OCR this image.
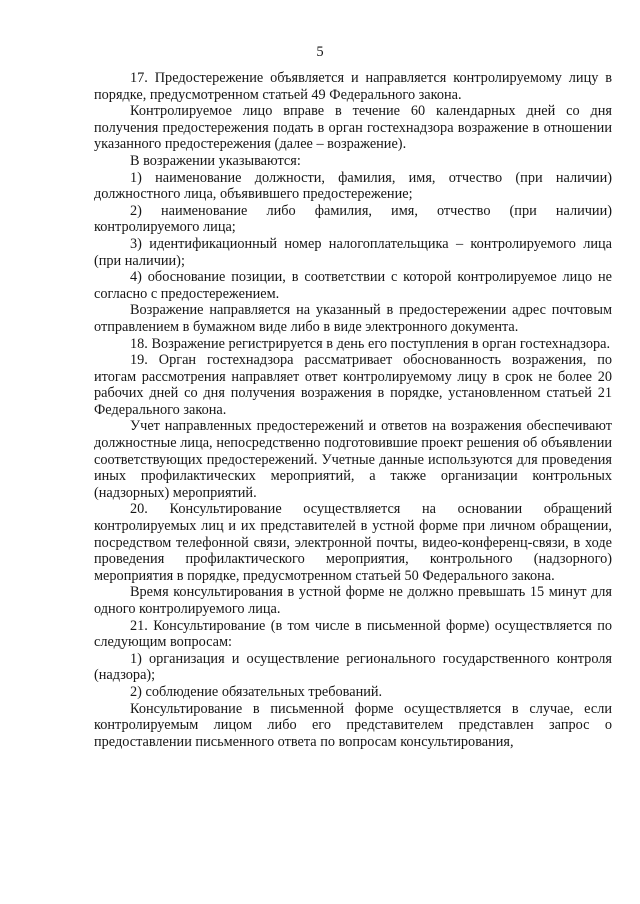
5

17. Предостережение объявляется и направляется контролируемому лицу в порядке, предусмотренном статьей 49 Федерального закона.

Контролируемое лицо вправе в течение 60 календарных дней со дня получения предостережения подать в орган гостехнадзора возражение в отношении указанного предостережения (далее – возражение).

В возражении указываются:

1) наименование должности, фамилия, имя, отчество (при наличии) должностного лица, объявившего предостережение;

2) наименование либо фамилия, имя, отчество (при наличии) контролируемого лица;

3) идентификационный номер налогоплательщика – контролируемого лица (при наличии);

4) обоснование позиции, в соответствии с которой контролируемое лицо не согласно с предостережением.

Возражение направляется на указанный в предостережении адрес почтовым отправлением в бумажном виде либо в виде электронного документа.

18. Возражение регистрируется в день его поступления в орган гостехнадзора.

19. Орган гостехнадзора рассматривает обоснованность возражения, по итогам рассмотрения направляет ответ контролируемому лицу в срок не более 20 рабочих дней со дня получения возражения в порядке, установленном статьей 21 Федерального закона.

Учет направленных предостережений и ответов на возражения обеспечивают должностные лица, непосредственно подготовившие проект решения об объявлении соответствующих предостережений. Учетные данные используются для проведения иных профилактических мероприятий, а также организации контрольных (надзорных) мероприятий.

20. Консультирование осуществляется на основании обращений контролируемых лиц и их представителей в устной форме при личном обращении, посредством телефонной связи, электронной почты, видео-конференц-связи, в ходе проведения профилактического мероприятия, контрольного (надзорного) мероприятия в порядке, предусмотренном статьей 50 Федерального закона.

Время консультирования в устной форме не должно превышать 15 минут для одного контролируемого лица.

21. Консультирование (в том числе в письменной форме) осуществляется по следующим вопросам:

1) организация и осуществление регионального государственного контроля (надзора);

2) соблюдение обязательных требований.

Консультирование в письменной форме осуществляется в случае, если контролируемым лицом либо его представителем представлен запрос о предоставлении письменного ответа по вопросам консультирования,
